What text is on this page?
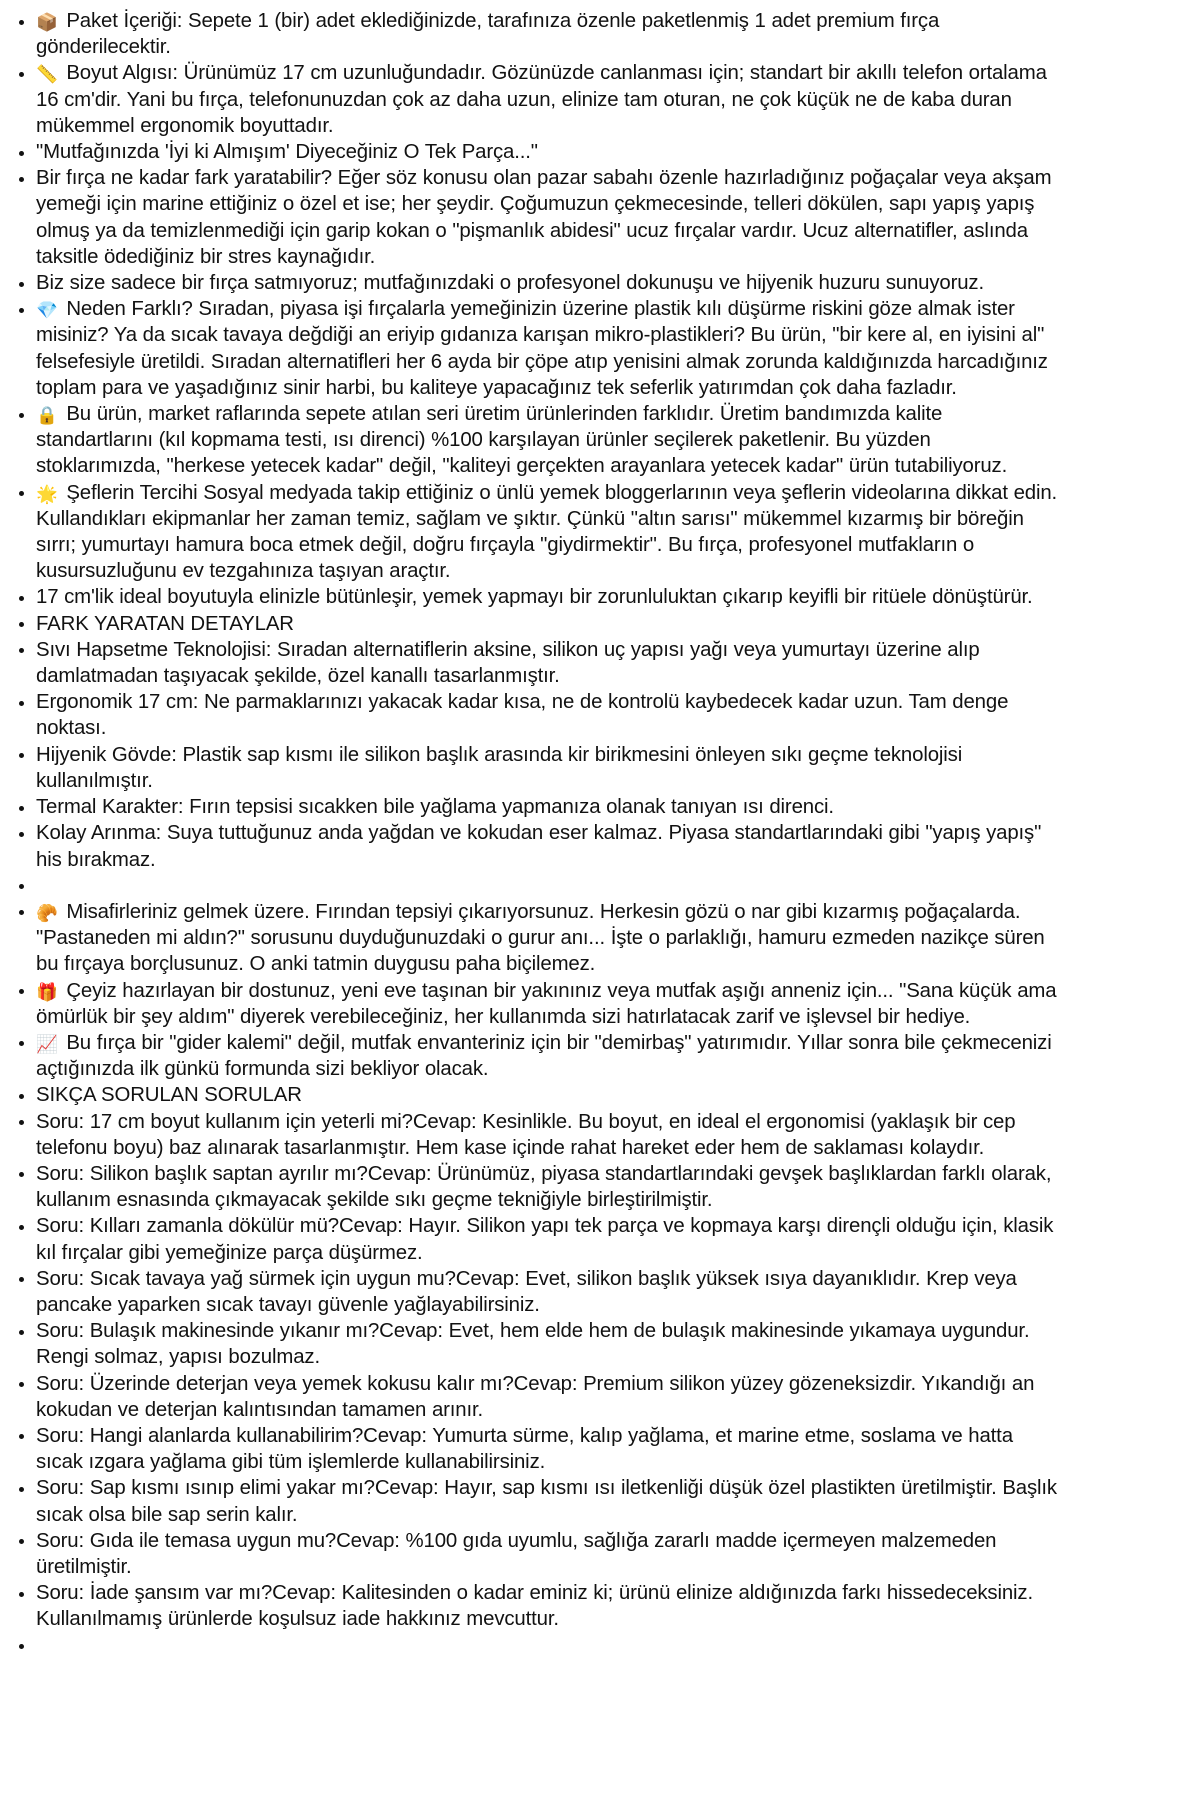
📦 Paket İçeriği: Sepete 1 (bir) adet eklediğinizde, tarafınıza özenle paketlenmiş 1 adet premium fırça gönderilecektir.
📏 Boyut Algısı: Ürünümüz 17 cm uzunluğundadır. Gözünüzde canlanması için; standart bir akıllı telefon ortalama 16 cm'dir. Yani bu fırça, telefonunuzdan çok az daha uzun, elinize tam oturan, ne çok küçük ne de kaba duran mükemmel ergonomik boyuttadır.
"Mutfağınızda 'İyi ki Almışım' Diyeceğiniz O Tek Parça..."
Bir fırça ne kadar fark yaratabilir? Eğer söz konusu olan pazar sabahı özenle hazırladığınız poğaçalar veya akşam yemeği için marine ettiğiniz o özel et ise; her şeydir. Çoğumuzun çekmecesinde, telleri dökülen, sapı yapış yapış olmuş ya da temizlenmediği için garip kokan o "pişmanlık abidesi" ucuz fırçalar vardır. Ucuz alternatifler, aslında taksitle ödediğiniz bir stres kaynağıdır.
Biz size sadece bir fırça satmıyoruz; mutfağınızdaki o profesyonel dokunuşu ve hijyenik huzuru sunuyoruz.
💎 Neden Farklı? Sıradan, piyasa işi fırçalarla yemeğinizin üzerine plastik kılı düşürme riskini göze almak ister misiniz? Ya da sıcak tavaya değdiği an eriyip gıdanıza karışan mikro-plastikleri? Bu ürün, "bir kere al, en iyisini al" felsefesiyle üretildi. Sıradan alternatifleri her 6 ayda bir çöpe atıp yenisini almak zorunda kaldığınızda harcadığınız toplam para ve yaşadığınız sinir harbi, bu kaliteye yapacağınız tek seferlik yatırımdan çok daha fazladır.
🔒 Bu ürün, market raflarında sepete atılan seri üretim ürünlerinden farklıdır. Üretim bandımızda kalite standartlarını (kıl kopmama testi, ısı direnci) %100 karşılayan ürünler seçilerek paketlenir. Bu yüzden stoklarımızda, "herkese yetecek kadar" değil, "kaliteyi gerçekten arayanlara yetecek kadar" ürün tutabiliyoruz.
🌟 Şeflerin Tercihi Sosyal medyada takip ettiğiniz o ünlü yemek bloggerlarının veya şeflerin videolarına dikkat edin. Kullandıkları ekipmanlar her zaman temiz, sağlam ve şıktır. Çünkü "altın sarısı" mükemmel kızarmış bir böreğin sırrı; yumurtayı hamura boca etmek değil, doğru fırçayla "giydirmektir". Bu fırça, profesyonel mutfakların o kusursuzluğunu ev tezgahınıza taşıyan araçtır.
17 cm'lik ideal boyutuyla elinizle bütünleşir, yemek yapmayı bir zorunluluktan çıkarıp keyifli bir ritüele dönüştürür.
FARK YARATAN DETAYLAR
Sıvı Hapsetme Teknolojisi: Sıradan alternatiflerin aksine, silikon uç yapısı yağı veya yumurtayı üzerine alıp damlatmadan taşıyacak şekilde, özel kanallı tasarlanmıştır.
Ergonomik 17 cm: Ne parmaklarınızı yakacak kadar kısa, ne de kontrolü kaybedecek kadar uzun. Tam denge noktası.
Hijyenik Gövde: Plastik sap kısmı ile silikon başlık arasında kir birikmesini önleyen sıkı geçme teknolojisi kullanılmıştır.
Termal Karakter: Fırın tepsisi sıcakken bile yağlama yapmanıza olanak tanıyan ısı direnci.
Kolay Arınma: Suya tuttuğunuz anda yağdan ve kokudan eser kalmaz. Piyasa standartlarındaki gibi "yapış yapış" his bırakmaz.
🥐 Misafirleriniz gelmek üzere. Fırından tepsiyi çıkarıyorsunuz. Herkesin gözü o nar gibi kızarmış poğaçalarda. "Pastaneden mi aldın?" sorusunu duyduğunuzdaki o gurur anı... İşte o parlaklığı, hamuru ezmeden nazikçe süren bu fırçaya borçlusunuz. O anki tatmin duygusu paha biçilemez.
🎁 Çeyiz hazırlayan bir dostunuz, yeni eve taşınan bir yakınınız veya mutfak aşığı anneniz için... "Sana küçük ama ömürlük bir şey aldım" diyerek verebileceğiniz, her kullanımda sizi hatırlatacak zarif ve işlevsel bir hediye.
📈 Bu fırça bir "gider kalemi" değil, mutfak envanteriniz için bir "demirbaş" yatırımıdır. Yıllar sonra bile çekmecenizi açtığınızda ilk günkü formunda sizi bekliyor olacak.
SIKÇA SORULAN SORULAR
Soru: 17 cm boyut kullanım için yeterli mi?Cevap: Kesinlikle. Bu boyut, en ideal el ergonomisi (yaklaşık bir cep telefonu boyu) baz alınarak tasarlanmıştır. Hem kase içinde rahat hareket eder hem de saklaması kolaydır.
Soru: Silikon başlık saptan ayrılır mı?Cevap: Ürünümüz, piyasa standartlarındaki gevşek başlıklardan farklı olarak, kullanım esnasında çıkmayacak şekilde sıkı geçme tekniğiyle birleştirilmiştir.
Soru: Kılları zamanla dökülür mü?Cevap: Hayır. Silikon yapı tek parça ve kopmaya karşı dirençli olduğu için, klasik kıl fırçalar gibi yemeğinize parça düşürmez.
Soru: Sıcak tavaya yağ sürmek için uygun mu?Cevap: Evet, silikon başlık yüksek ısıya dayanıklıdır. Krep veya pancake yaparken sıcak tavayı güvenle yağlayabilirsiniz.
Soru: Bulaşık makinesinde yıkanır mı?Cevap: Evet, hem elde hem de bulaşık makinesinde yıkamaya uygundur. Rengi solmaz, yapısı bozulmaz.
Soru: Üzerinde deterjan veya yemek kokusu kalır mı?Cevap: Premium silikon yüzey gözeneksizdir. Yıkandığı an kokudan ve deterjan kalıntısından tamamen arınır.
Soru: Hangi alanlarda kullanabilirim?Cevap: Yumurta sürme, kalıp yağlama, et marine etme, soslama ve hatta sıcak ızgara yağlama gibi tüm işlemlerde kullanabilirsiniz.
Soru: Sap kısmı ısınıp elimi yakar mı?Cevap: Hayır, sap kısmı ısı iletkenliği düşük özel plastikten üretilmiştir. Başlık sıcak olsa bile sap serin kalır.
Soru: Gıda ile temasa uygun mu?Cevap: %100 gıda uyumlu, sağlığa zararlı madde içermeyen malzemeden üretilmiştir.
Soru: İade şansım var mı?Cevap: Kalitesinden o kadar eminiz ki; ürünü elinize aldığınızda farkı hissedeceksiniz. Kullanılmamış ürünlerde koşulsuz iade hakkınız mevcuttur.
